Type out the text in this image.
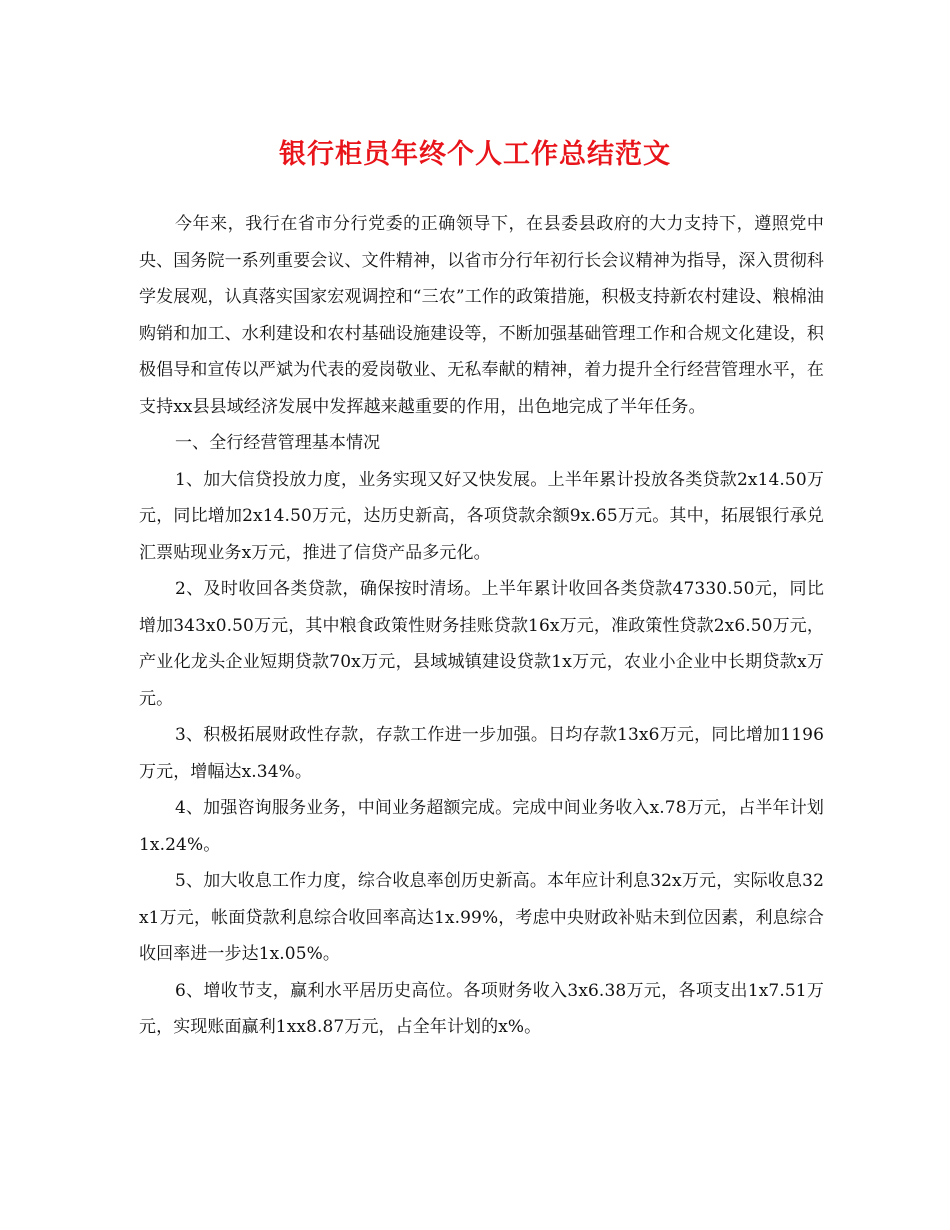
银行柜员年终个人工作总结范文

今年来，我行在省市分行党委的正确领导下，在县委县政府的大力支持下，遵照党中央、国务院一系列重要会议、文件精神，以省市分行年初行长会议精神为指导，深入贯彻科学发展观，认真落实国家宏观调控和“三农”工作的政策措施，积极支持新农村建设、粮棉油购销和加工、水利建设和农村基础设施建设等，不断加强基础管理工作和合规文化建设，积极倡导和宣传以严斌为代表的爱岗敬业、无私奉献的精神，着力提升全行经营管理水平，在支持xx县县域经济发展中发挥越来越重要的作用，出色地完成了半年任务。

一、全行经营管理基本情况

1、加大信贷投放力度，业务实现又好又快发展。上半年累计投放各类贷款2x14.50万元，同比增加2x14.50万元，达历史新高，各项贷款余额9x.65万元。其中，拓展银行承兑汇票贴现业务x万元，推进了信贷产品多元化。

2、及时收回各类贷款，确保按时清场。上半年累计收回各类贷款47330.50元，同比增加343x0.50万元，其中粮食政策性财务挂账贷款16x万元，准政策性贷款2x6.50万元，产业化龙头企业短期贷款70x万元，县域城镇建设贷款1x万元，农业小企业中长期贷款x万元。

3、积极拓展财政性存款，存款工作进一步加强。日均存款13x6万元，同比增加1196万元，增幅达x.34%。

4、加强咨询服务业务，中间业务超额完成。完成中间业务收入x.78万元，占半年计划1x.24%。

5、加大收息工作力度，综合收息率创历史新高。本年应计利息32x万元，实际收息32x1万元，帐面贷款利息综合收回率高达1x.99%，考虑中央财政补贴未到位因素，利息综合收回率进一步达1x.05%。

6、增收节支，赢利水平居历史高位。各项财务收入3x6.38万元，各项支出1x7.51万元，实现账面赢利1xx8.87万元，占全年计划的x%。
